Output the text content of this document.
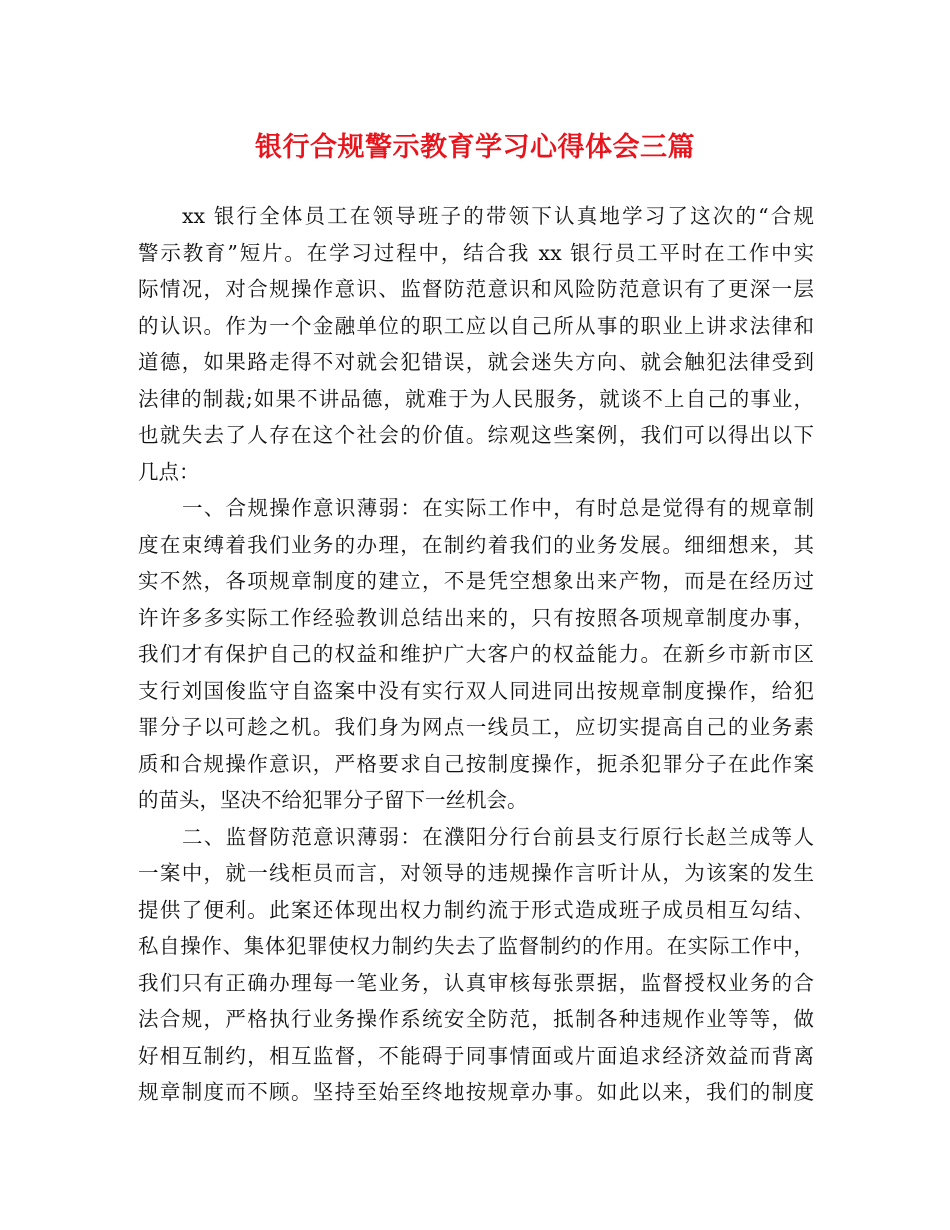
银行合规警示教育学习心得体会三篇
xx 银行全体员工在领导班子的带领下认真地学习了这次的“合规
警示教育”短片。在学习过程中，结合我 xx 银行员工平时在工作中实
际情况，对合规操作意识、监督防范意识和风险防范意识有了更深一层
的认识。作为一个金融单位的职工应以自己所从事的职业上讲求法律和
道德，如果路走得不对就会犯错误，就会迷失方向、就会触犯法律受到
法律的制裁;如果不讲品德，就难于为人民服务，就谈不上自己的事业，
也就失去了人存在这个社会的价值。综观这些案例，我们可以得出以下
几点：
一、合规操作意识薄弱：在实际工作中，有时总是觉得有的规章制
度在束缚着我们业务的办理，在制约着我们的业务发展。细细想来，其
实不然，各项规章制度的建立，不是凭空想象出来产物，而是在经历过
许许多多实际工作经验教训总结出来的，只有按照各项规章制度办事，
我们才有保护自己的权益和维护广大客户的权益能力。在新乡市新市区
支行刘国俊监守自盗案中没有实行双人同进同出按规章制度操作，给犯
罪分子以可趁之机。我们身为网点一线员工，应切实提高自己的业务素
质和合规操作意识，严格要求自己按制度操作，扼杀犯罪分子在此作案
的苗头，坚决不给犯罪分子留下一丝机会。
二、监督防范意识薄弱：在濮阳分行台前县支行原行长赵兰成等人
一案中，就一线柜员而言，对领导的违规操作言听计从，为该案的发生
提供了便利。此案还体现出权力制约流于形式造成班子成员相互勾结、
私自操作、集体犯罪使权力制约失去了监督制约的作用。在实际工作中，
我们只有正确办理每一笔业务，认真审核每张票据，监督授权业务的合
法合规，严格执行业务操作系统安全防范，抵制各种违规作业等等，做
好相互制约，相互监督，不能碍于同事情面或片面追求经济效益而背离
规章制度而不顾。坚持至始至终地按规章办事。如此以来，我们的制度
